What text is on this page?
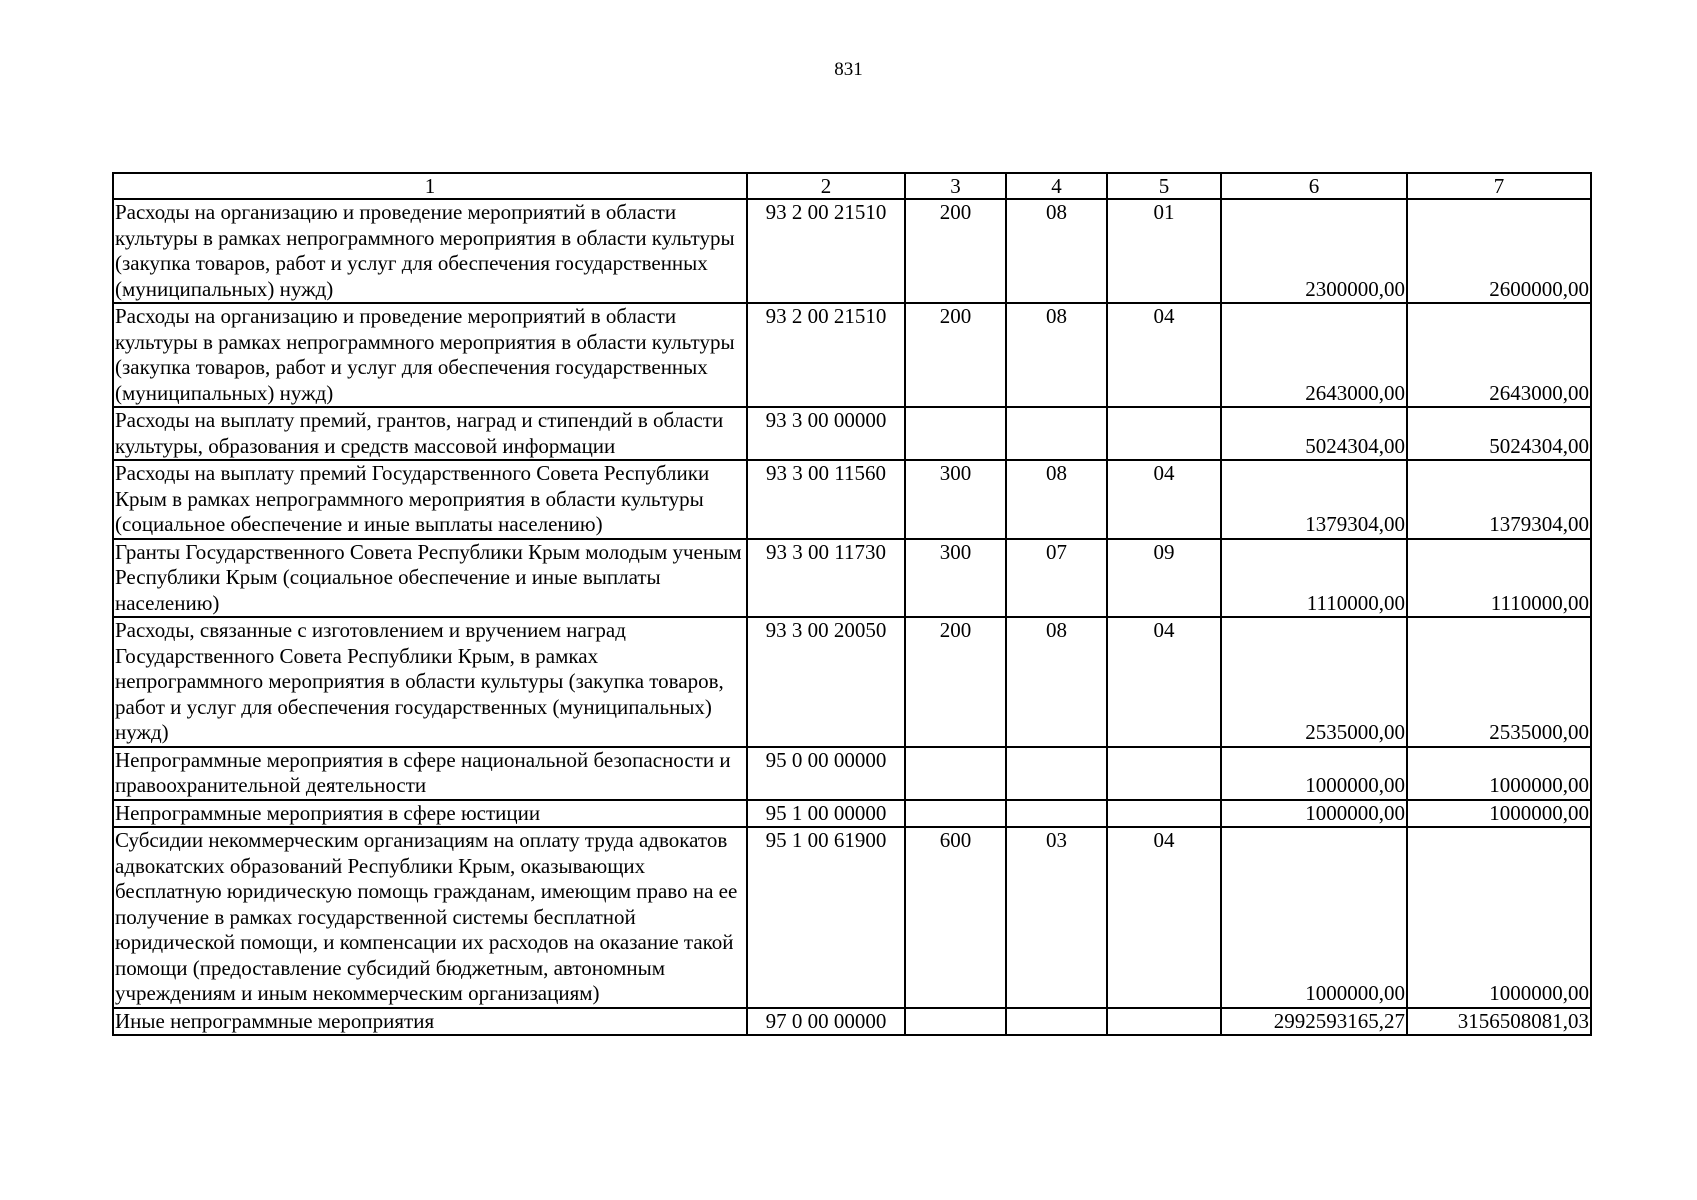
831
1	2	3	4	5	6	7
Расходы на организацию и проведение мероприятий в области культуры в рамках непрограммного мероприятия в области культуры (закупка товаров, работ и услуг для обеспечения государственных (муниципальных) нужд)	93 2 00 21510	200	08	01	2300000,00	2600000,00
Расходы на организацию и проведение мероприятий в области культуры в рамках непрограммного мероприятия в области культуры (закупка товаров, работ и услуг для обеспечения государственных (муниципальных) нужд)	93 2 00 21510	200	08	04	2643000,00	2643000,00
Расходы на выплату премий, грантов, наград и стипендий в области культуры, образования и средств массовой информации	93 3 00 00000				5024304,00	5024304,00
Расходы на выплату премий Государственного Совета Республики Крым в рамках непрограммного мероприятия в области культуры (социальное обеспечение и иные выплаты населению)	93 3 00 11560	300	08	04	1379304,00	1379304,00
Гранты Государственного Совета Республики Крым молодым ученым Республики Крым (социальное обеспечение и иные выплаты населению)	93 3 00 11730	300	07	09	1110000,00	1110000,00
Расходы, связанные с изготовлением и вручением наград Государственного Совета Республики Крым, в рамках непрограммного мероприятия в области культуры (закупка товаров, работ и услуг для обеспечения государственных (муниципальных) нужд)	93 3 00 20050	200	08	04	2535000,00	2535000,00
Непрограммные мероприятия в сфере национальной безопасности и правоохранительной деятельности	95 0 00 00000				1000000,00	1000000,00
Непрограммные мероприятия в сфере юстиции	95 1 00 00000				1000000,00	1000000,00
Субсидии некоммерческим организациям на оплату труда адвокатов адвокатских образований Республики Крым, оказывающих бесплатную юридическую помощь гражданам, имеющим право на ее получение в рамках государственной системы бесплатной юридической помощи, и компенсации их расходов на оказание такой помощи (предоставление субсидий бюджетным, автономным учреждениям и иным некоммерческим организациям)	95 1 00 61900	600	03	04	1000000,00	1000000,00
Иные непрограммные мероприятия	97 0 00 00000				2992593165,27	3156508081,03
